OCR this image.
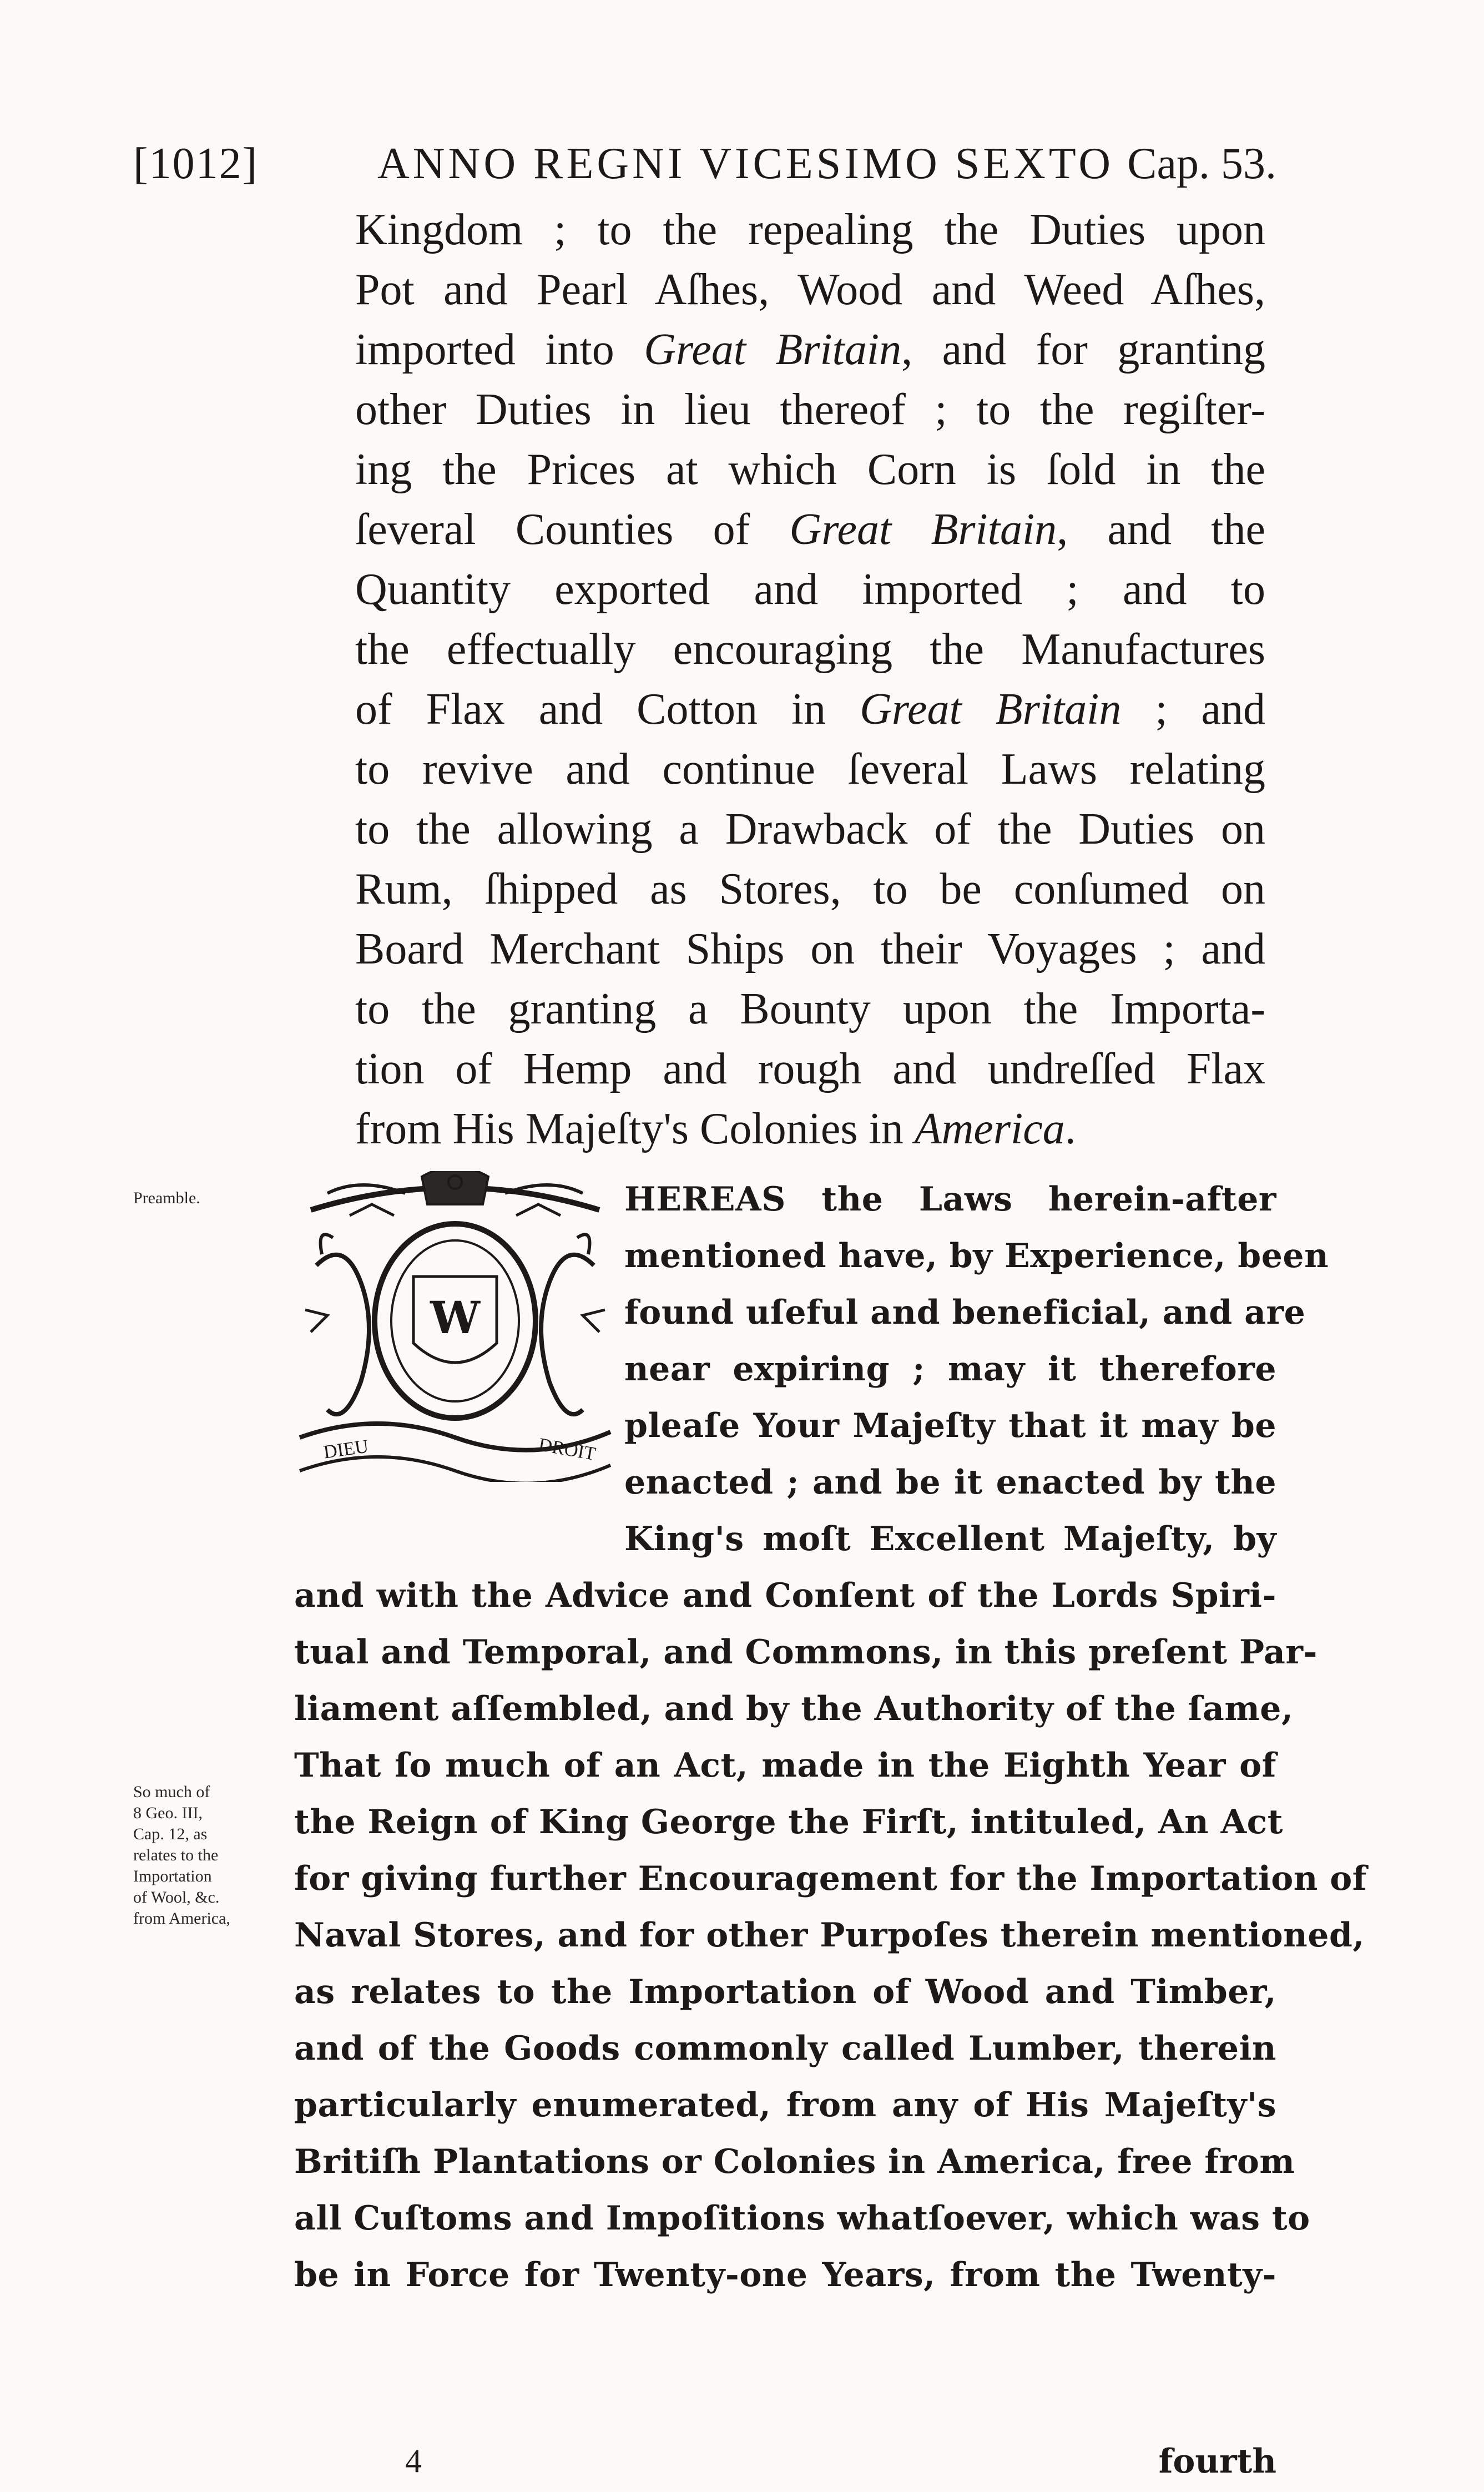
[1012]	ANNO REGNI VICESIMO SEXTO Cap. 53.
Kingdom ; to the repealing the Duties upon
Pot and Pearl Aſhes, Wood and Weed Aſhes,
imported into Great Britain, and for granting
other Duties in lieu thereof ; to the regiſter-
ing the Prices at which Corn is ſold in the
ſeveral Counties of Great Britain, and the
Quantity exported and imported ; and to
the effectually encouraging the Manufactures
of Flax and Cotton in Great Britain ; and
to revive and continue ſeveral Laws relating
to the allowing a Drawback of the Duties on
Rum, ſhipped as Stores, to be conſumed on
Board Merchant Ships on their Voyages ; and
to the granting a Bounty upon the Importa-
tion of Hemp and rough and undreſſed Flax
from His Majeſty's Colonies in America.
Preamble.
So much of
8 Geo. III,
Cap. 12, as
relates to the
Importation
of Wool, &c.
from America,
W
DIEU	DROIT
HEREAS the Laws herein-after
mentioned have, by Experience, been
found uſeful and beneficial, and are
near expiring ; may it therefore
pleaſe Your Majeſty that it may be
enacted ; and be it enacted by the
King's moſt Excellent Majeſty, by
and with the Advice and Conſent of the Lords Spiri-
tual and Temporal, and Commons, in this preſent Par-
liament aſſembled, and by the Authority of the ſame,
That ſo much of an Act, made in the Eighth Year of
the Reign of King George the Firſt, intituled, An Act
for giving further Encouragement for the Importation of
Naval Stores, and for other Purpoſes therein mentioned,
as relates to the Importation of Wood and Timber,
and of the Goods commonly called Lumber, therein
particularly enumerated, from any of His Majeſty's
Britiſh Plantations or Colonies in America, free from
all Cuſtoms and Impoſitions whatſoever, which was to
be in Force for Twenty-one Years, from the Twenty-
4	fourth
